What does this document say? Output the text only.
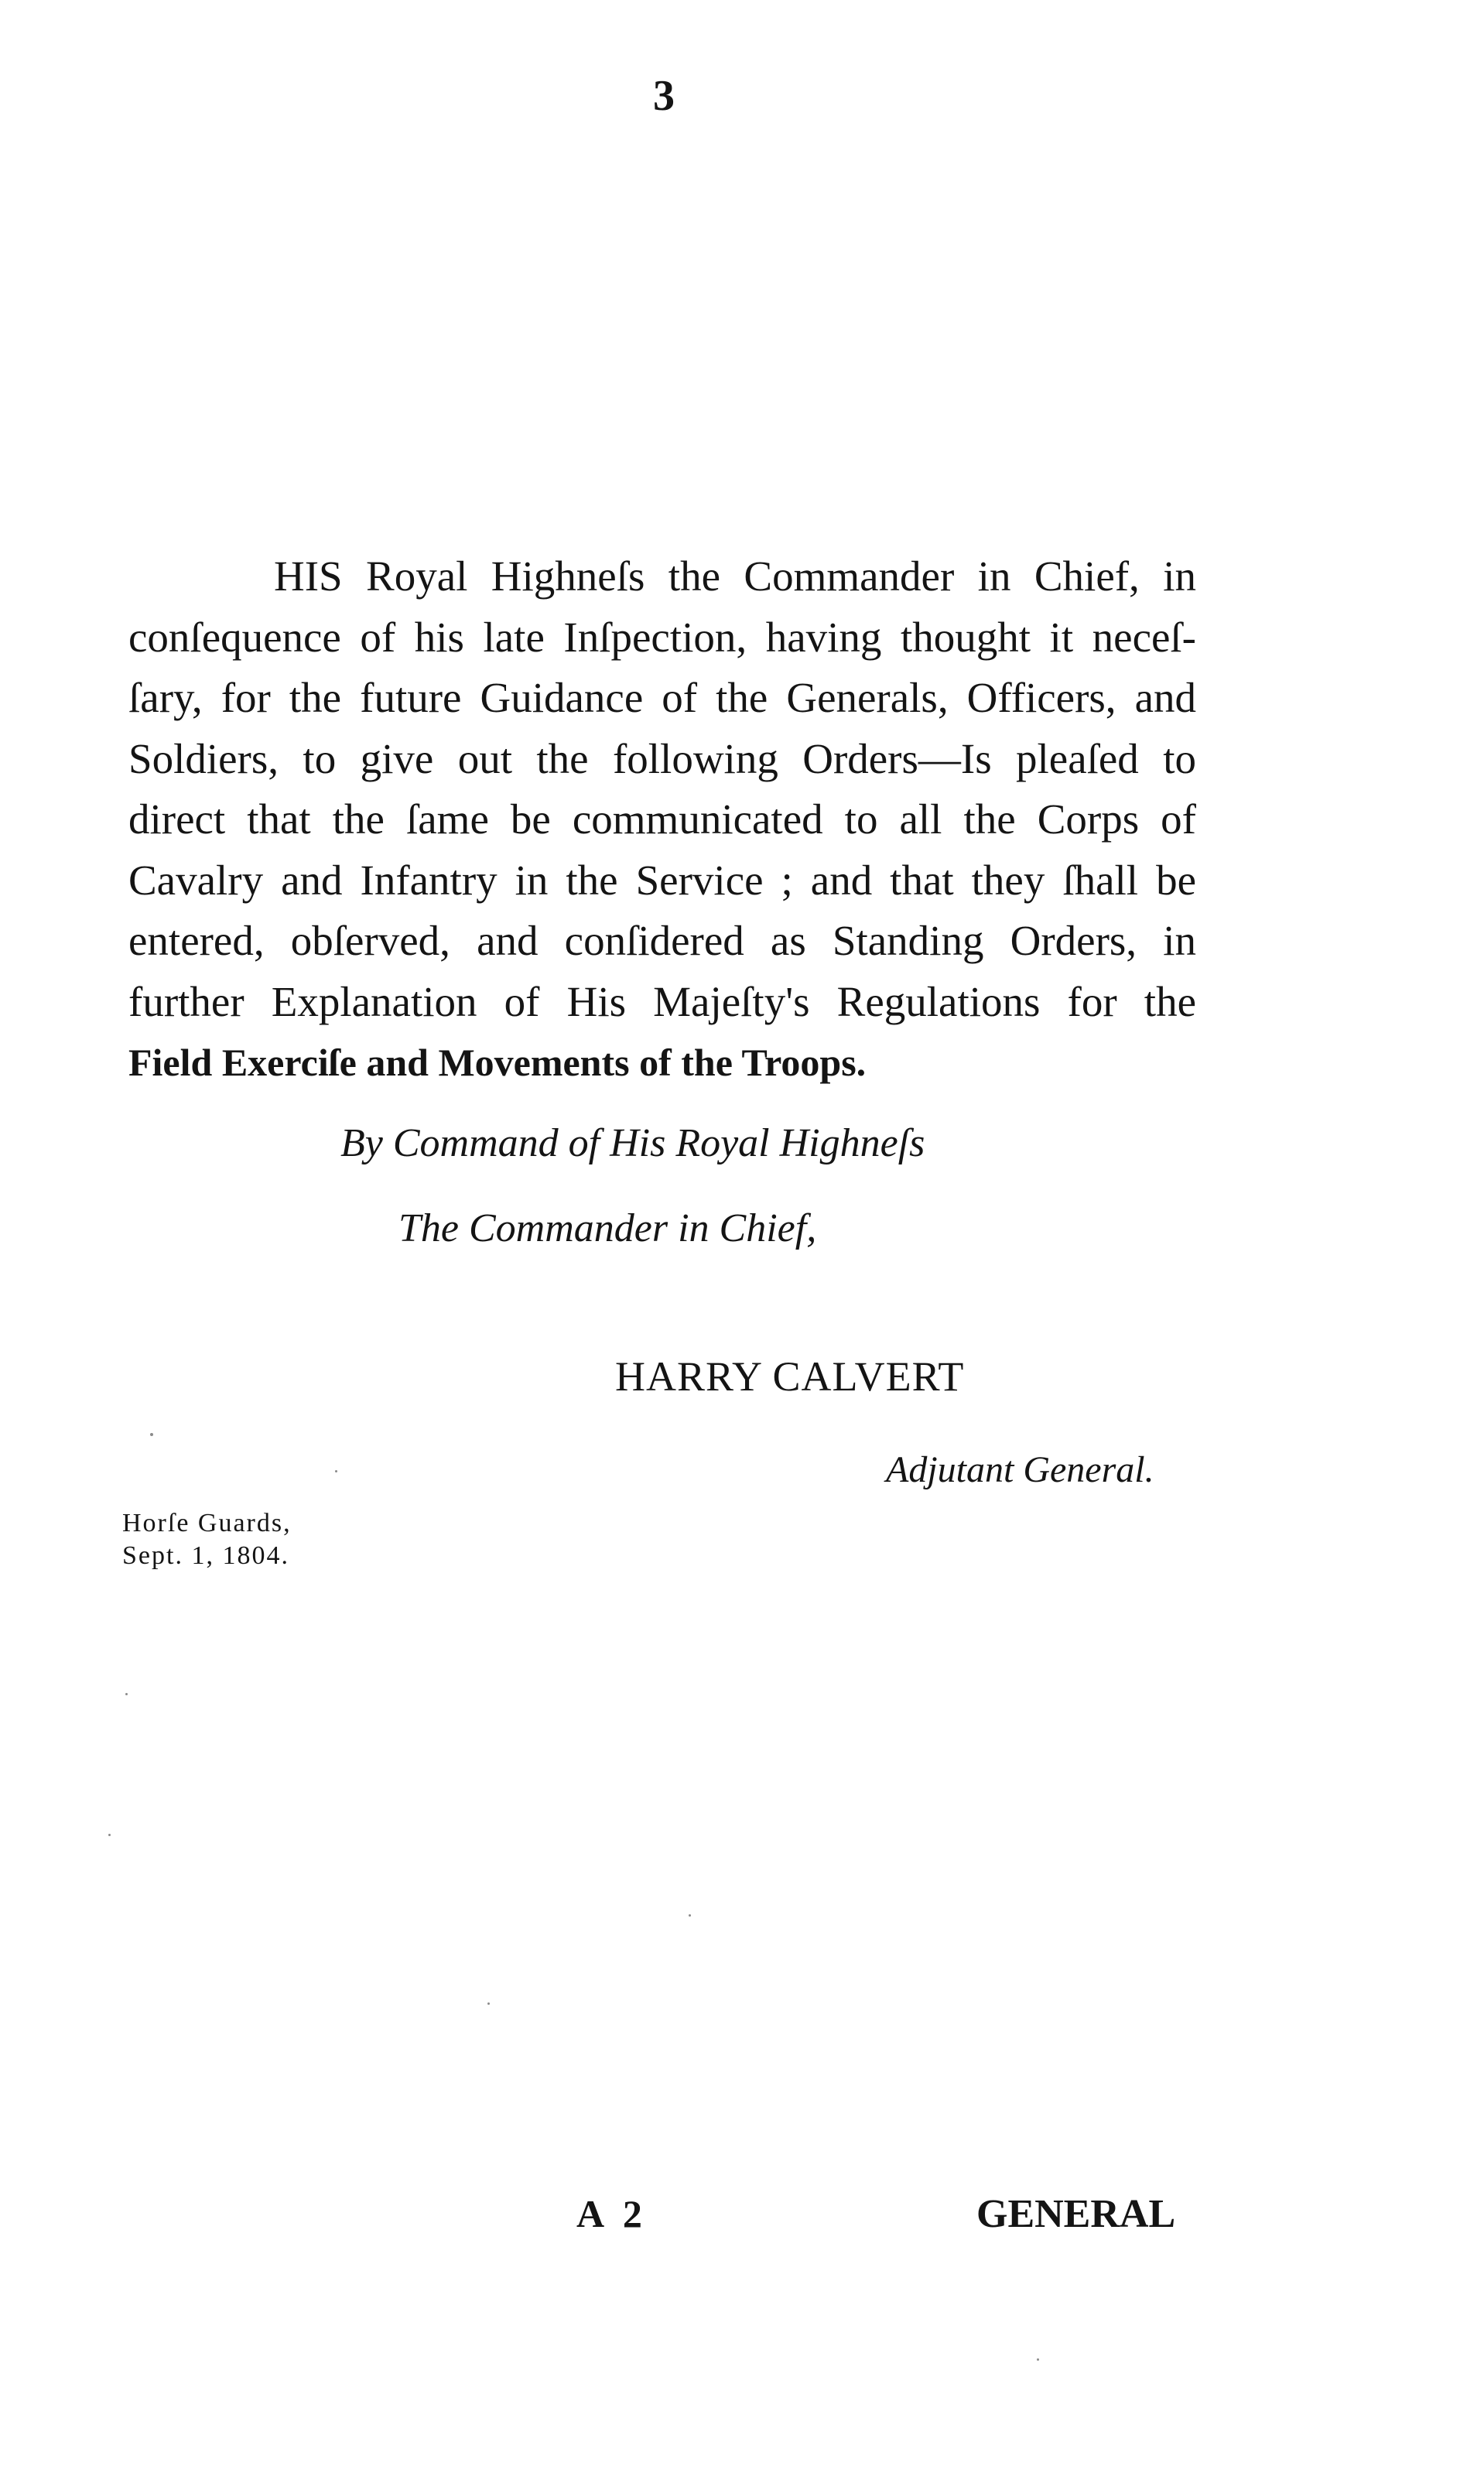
3
HIS Royal Highneſs the Commander in Chief, in
conſequence of his late Inſpection, having thought it neceſ-
ſary, for the future Guidance of the Generals, Officers, and
Soldiers, to give out the following Orders—Is pleaſed to
direct that the ſame be communicated to all the Corps of
Cavalry and Infantry in the Service ; and that they ſhall be
entered, obſerved, and conſidered as Standing Orders, in
further Explanation of His Majeſty's Regulations for the
Field Exerciſe and Movements of the Troops.
By Command of His Royal Highneſs
The Commander in Chief,
HARRY CALVERT
Adjutant General.
Horſe Guards,
Sept. 1, 1804.
A 2	GENERAL
